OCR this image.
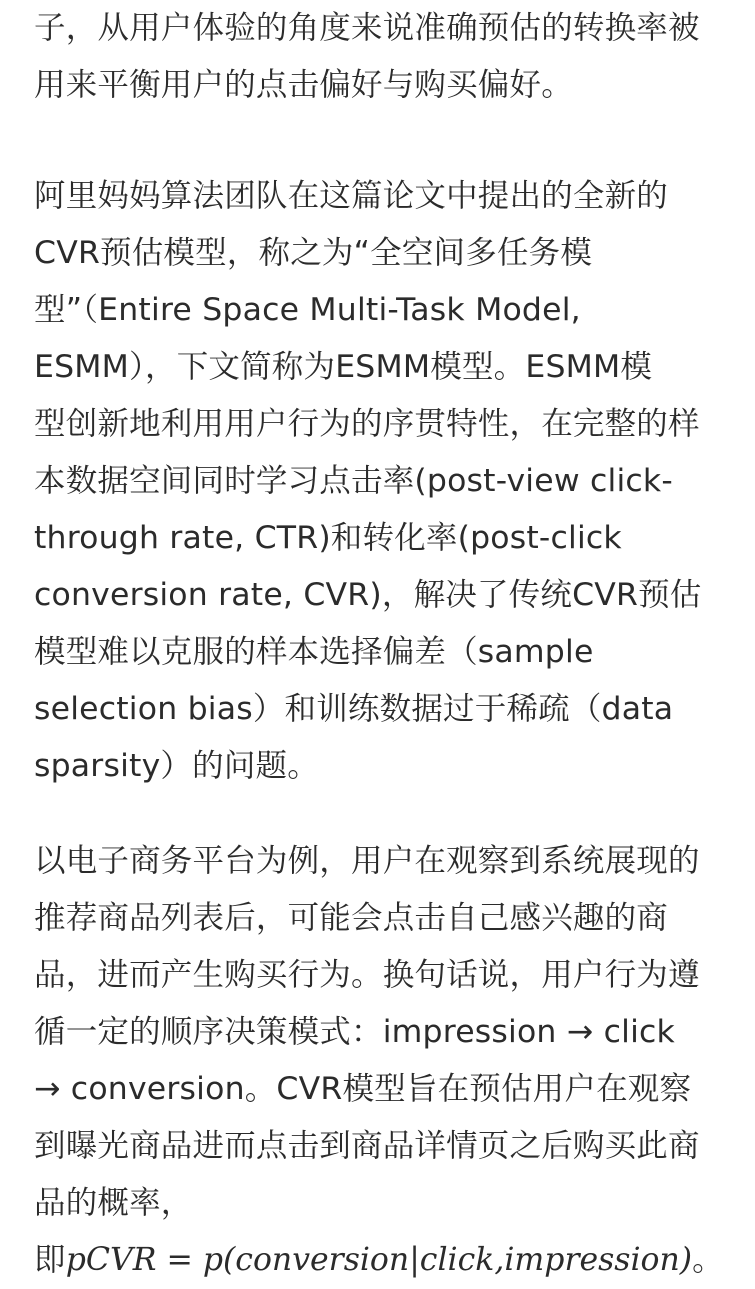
子，从用户体验的角度来说准确预估的转换率被
用来平衡用户的点击偏好与购买偏好。
阿里妈妈算法团队在这篇论文中提出的全新的
CVR预估模型，称之为“全空间多任务模
型”（Entire Space Multi-Task Model,
ESMM），下文简称为ESMM模型。ESMM模
型创新地利用用户行为的序贯特性，在完整的样
本数据空间同时学习点击率(post-view click-
through rate, CTR)和转化率(post-click
conversion rate, CVR)，解决了传统CVR预估
模型难以克服的样本选择偏差（sample
selection bias）和训练数据过于稀疏（data
sparsity）的问题。
以电子商务平台为例，用户在观察到系统展现的
推荐商品列表后，可能会点击自己感兴趣的商
品，进而产生购买行为。换句话说，用户行为遵
循一定的顺序决策模式：impression → click
→ conversion。CVR模型旨在预估用户在观察
到曝光商品进而点击到商品详情页之后购买此商
品的概率，
即pCVR = p(conversion|click,impression)。
